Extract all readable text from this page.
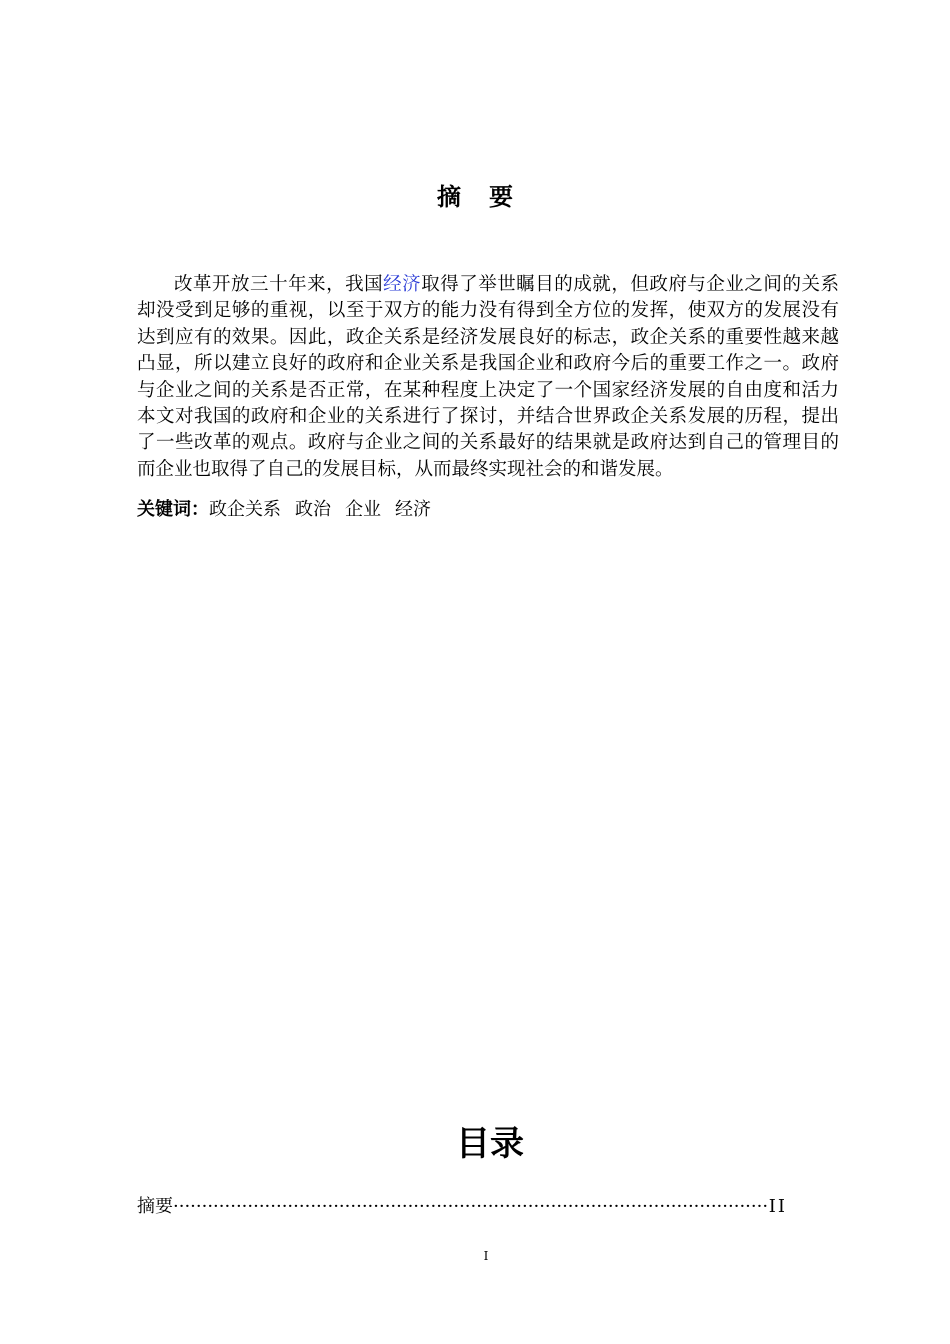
摘要

改革开放三十年来，我国经济取得了举世瞩目的成就，但政府与企业之间的关系却没受到足够的重视，以至于双方的能力没有得到全方位的发挥，使双方的发展没有达到应有的效果。因此，政企关系是经济发展良好的标志，政企关系的重要性越来越凸显，所以建立良好的政府和企业关系是我国企业和政府今后的重要工作之一。政府与企业之间的关系是否正常，在某种程度上决定了一个国家经济发展的自由度和活力本文对我国的政府和企业的关系进行了探讨，并结合世界政企关系发展的历程，提出了一些改革的观点。政府与企业之间的关系最好的结果就是政府达到自己的管理目的而企业也取得了自己的发展目标，从而最终实现社会的和谐发展。

关键词：政企关系 政治 企业 经济
目录
摘要
·····	II
I
